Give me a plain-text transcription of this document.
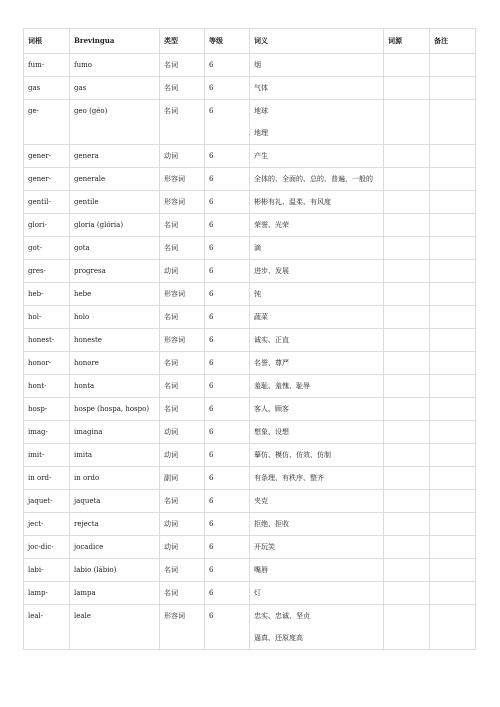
词根	Brevingua	类型	等级	词义	词源	备注
fum-	fumo	名词	6	烟		

gas	gas	名词	6	气体		

ge-	geo (géo)	名词	6	地球
地理		

gener-	genera	动词	6	产生		

gener-	generale	形容词	6	全体的、全面的、总的、普遍，一般的		

gentil-	gentile	形容词	6	彬彬有礼、温柔、有风度		

glori-	gloria (glória)	名词	6	荣誉、光荣		

got-	gota	名词	6	滴		

gres-	progresa	动词	6	进步、发展		

heb-	hebe	形容词	6	钝		

hol-	holo	名词	6	蔬菜		

honest-	honeste	形容词	6	诚实、正直		

honor-	honore	名词	6	名誉、尊严		

hont-	honta	名词	6	羞耻、羞愧、耻辱		

hosp-	hospe (hospa, hospo)	名词	6	客人、顾客		

imag-	imagina	动词	6	想象、设想		

imit-	imita	动词	6	摹仿、模仿、仿效、仿制		

in ord-	in ordo	副词	6	有条理、有秩序、整齐		

jaquet-	jaqueta	名词	6	夹克		

ject-	rejecta	动词	6	拒绝、拒收		

joc-dic-	jocadice	动词	6	开玩笑		

labi-	labio (lábio)	名词	6	嘴唇		

lamp-	lampa	名词	6	灯		

leal-	leale	形容词	6	忠实、忠诚、坚贞
逼真、还原度高		
